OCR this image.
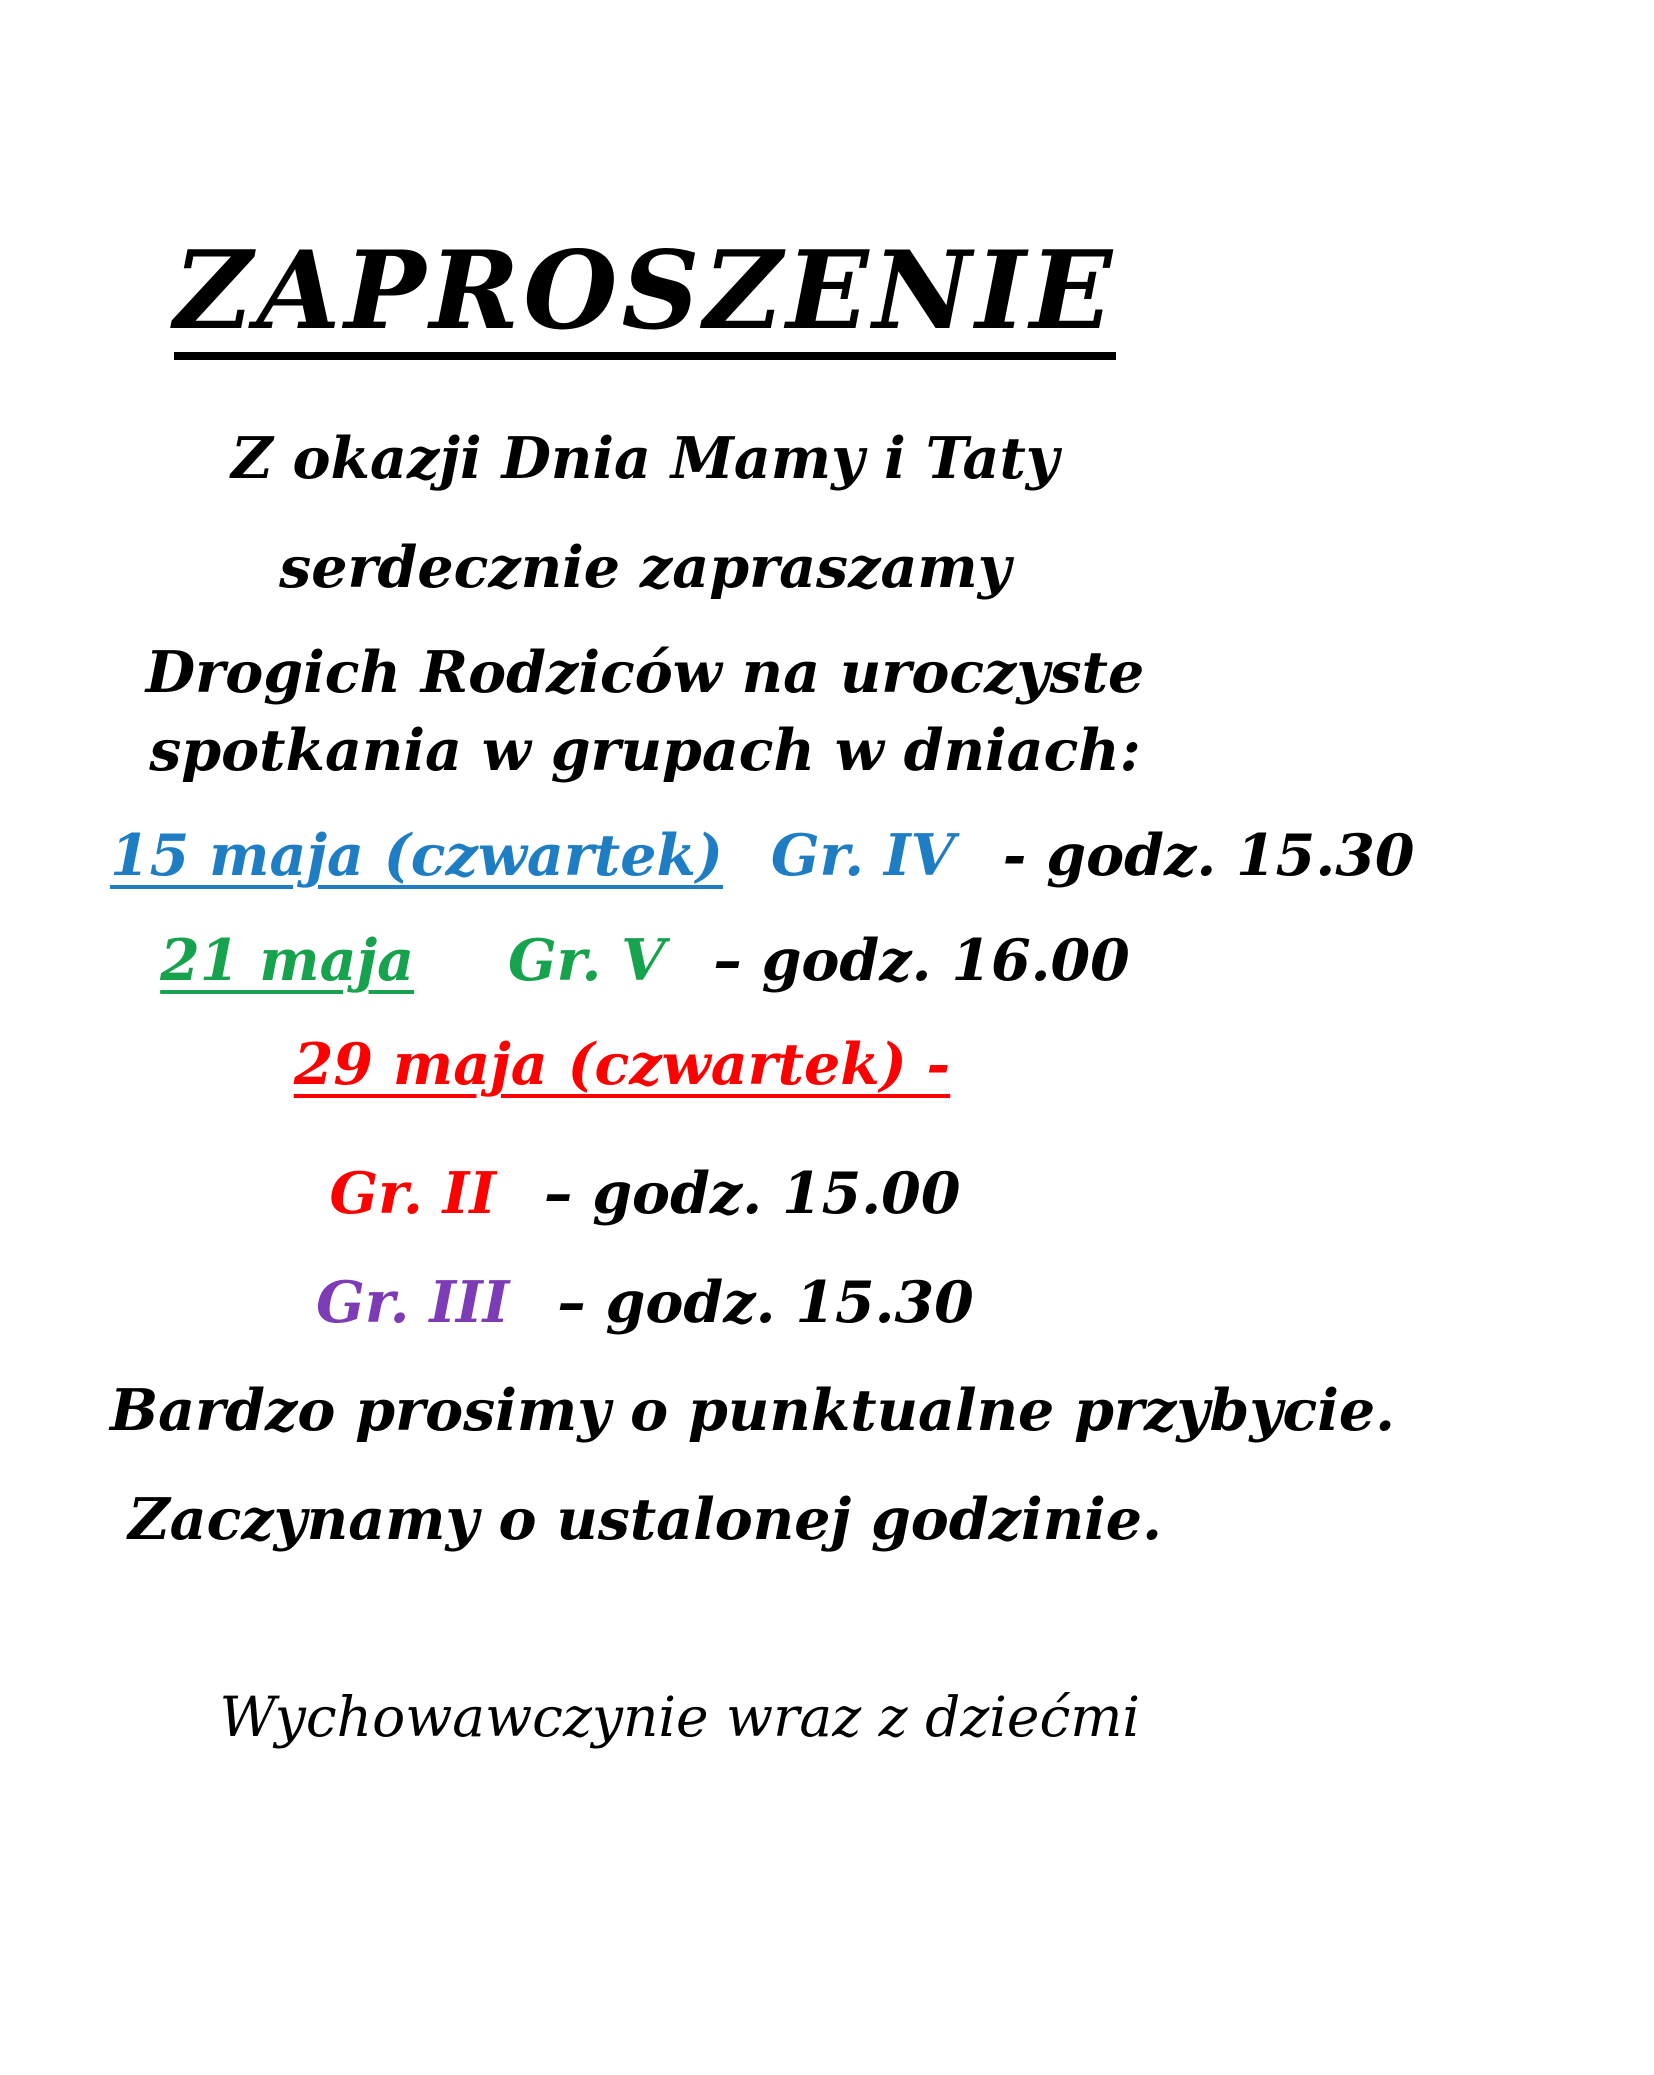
ZAPROSZENIE

Z okazji Dnia Mamy i Taty

serdecznie zapraszamy

Drogich Rodziców na uroczyste

spotkania w grupach w dniach:

15 maja (czwartek) Gr. IV - godz. 15.30

21 maja Gr. V – godz. 16.00

29 maja (czwartek) -

Gr. II – godz. 15.00

Gr. III – godz. 15.30

Bardzo prosimy o punktualne przybycie.

Zaczynamy o ustalonej godzinie.

Wychowawczynie wraz z dziećmi
